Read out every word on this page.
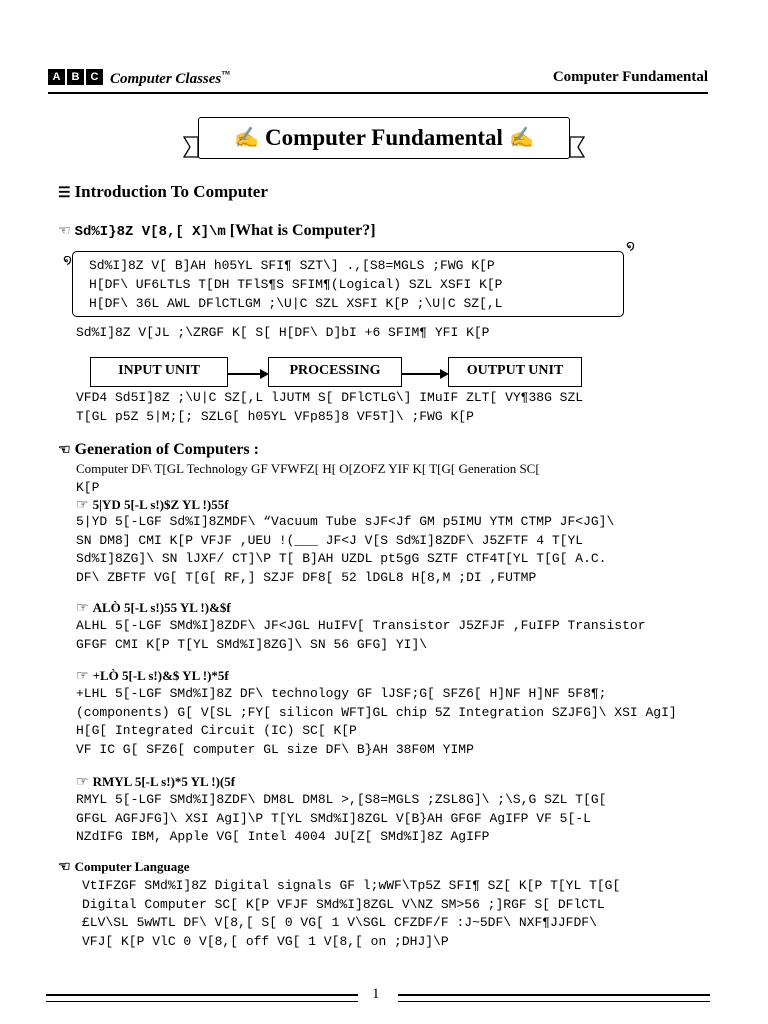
A	B	C Computer Classes™	Computer Fundamental
✍ Computer Fundamental ✍
☰ Introduction To Computer
☜ Sd%I}8Z V[8,[ X]\m [What is Computer?]
໑
໑
Sd%I]8Z V[ B]AH h05YL SFI¶ SZT\] .,[S8=MGLS ;FWG K[P
H[DF\ UF6LTLS T[DH TFlS¶S SFIM¶(Logical) SZL XSFI K[P
H[DF\ 36L AWL DFlCTLGM ;\U|C SZL XSFI K[P ;\U|C SZ[,L
Sd%I]8Z V[JL ;\ZRGF K[ S[ H[DF\ D]bI +6 SFIM¶ YFI K[P
INPUT UNIT	PROCESSING	OUTPUT UNIT
VFD4 Sd5I]8Z ;\U|C SZ[,L lJUTM S[ DFlCTLG\] IMuIF ZLT[ VY¶38G SZL
T[GL p5Z 5|M;[; SZLG[ h05YL VFp85]8 VF5T]\ ;FWG K[P
☜ Generation of Computers :
Computer DF\ T[GL Technology GF VFWFZ[ H[ O[ZOFZ YIF K[ T[G[ Generation SC[
K[P
☞ 5|YD 5[-L s!)$Z YL !)55f
5|YD 5[-LGF Sd%I]8ZMDF\ “Vacuum Tube sJF<Jf GM p5IMU YTM CTMP JF<JG]\
SN DM8] CMI K[P VFJF ,UEU !(___ JF<J V[S Sd%I]8ZDF\ J5ZFTF 4 T[YL
Sd%I]8ZG]\ SN lJXF/ CT]\P T[ B]AH UZDL pt5gG SZTF CTF4T[YL T[G[ A.C.
DF\ ZBFTF VG[ T[G[ RF,] SZJF DF8[ 52 lDGL8 H[8,M ;DI ,FUTMP
☞ ALÒ 5[-L s!)55 YL !)&$f
ALHL 5[-LGF SMd%I]8ZDF\ JF<JGL HuIFV[ Transistor J5ZFJF ,FuIFP Transistor
GFGF CMI K[P T[YL SMd%I]8ZG]\ SN 56 GFG] YI]\
☞ +LÒ 5[-L s!)&$ YL !)*5f
+LHL 5[-LGF SMd%I]8Z DF\ technology GF lJSF;G[ SFZ6[ H]NF H]NF 5F8¶;
(components) G[ V[SL ;FY[ silicon WFT]GL chip 5Z Integration SZJFG]\ XSI AgI]
H[G[ Integrated Circuit (IC) SC[ K[P
VF IC G[ SFZ6[ computer GL size DF\ B}AH 38F0M YIMP
☞ RMYL 5[-L s!)*5 YL !)(5f
RMYL 5[-LGF SMd%I]8ZDF\ DM8L DM8L >,[S8=MGLS ;ZSL8G]\ ;\S,G SZL T[G[
GFGL AGFJFG]\ XSI AgI]\P T[YL SMd%I]8ZGL V[B}AH GFGF AgIFP VF 5[-L
NZdIFG IBM, Apple VG[ Intel 4004 JU[Z[ SMd%I]8Z AgIFP
☜ Computer Language
VtIFZGF SMd%I]8Z Digital signals GF l;wWF\Tp5Z SFI¶ SZ[ K[P T[YL T[G[
Digital Computer SC[ K[P VFJF SMd%I]8ZGL V\NZ SM>56 ;]RGF S[ DFlCTL
£LV\SL 5wWTL DF\ V[8,[ S[ 0 VG[ 1 V\SGL CFZDF/F :J~5DF\ NXF¶JJFDF\
VFJ[ K[P VlC 0 V[8,[ off VG[ 1 V[8,[ on ;DHJ]\P
1
